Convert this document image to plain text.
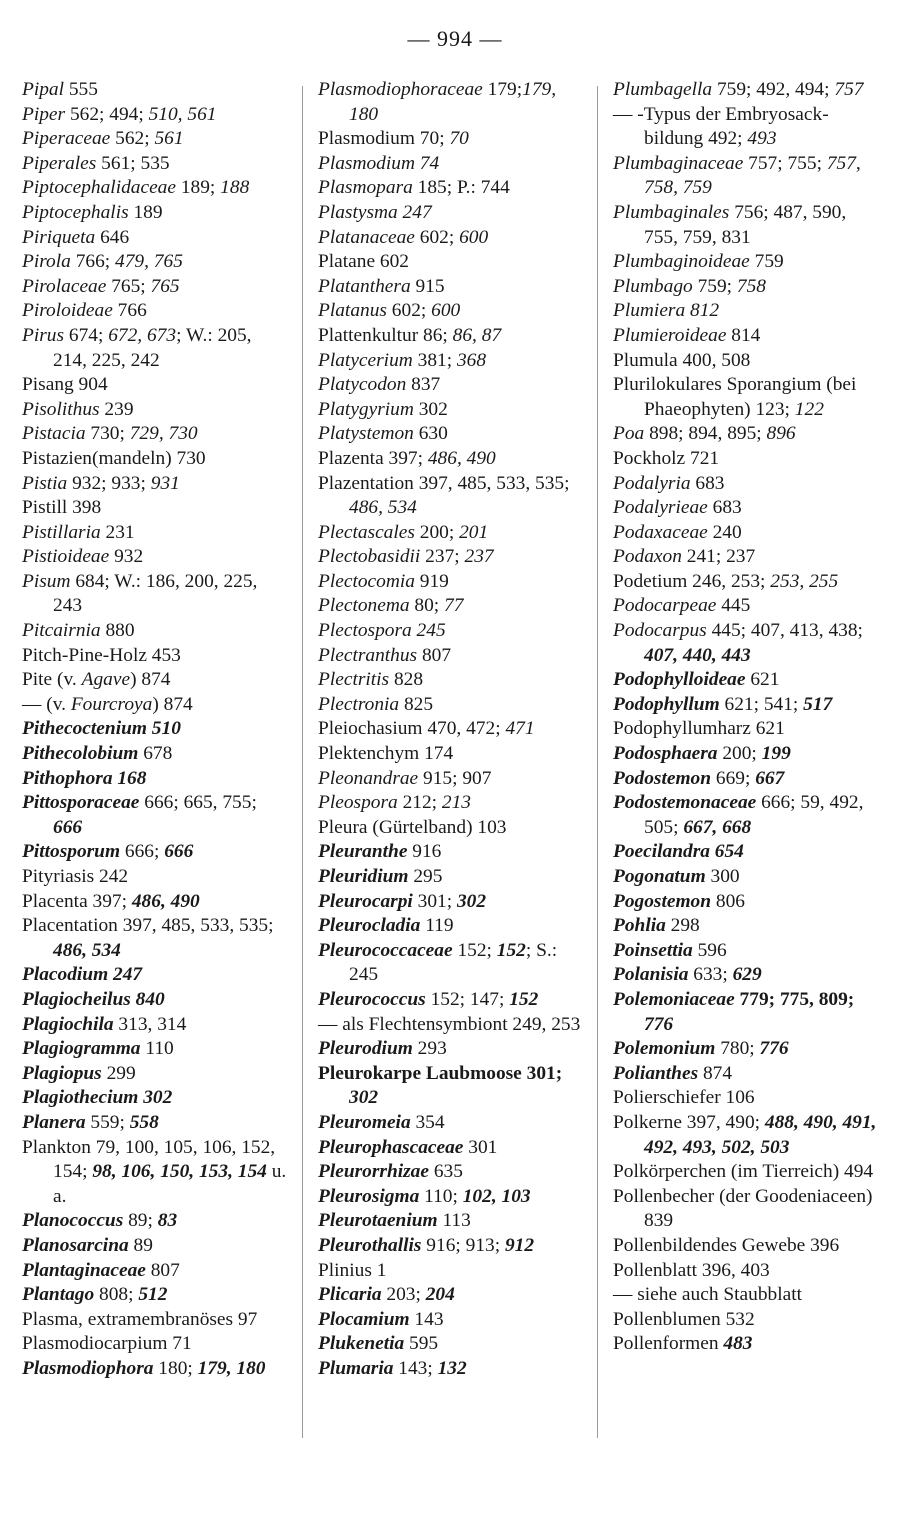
— 994 —
Pipal 555
Piper 562; 494; 510, 561
Piperaceae 562; 561
Piperales 561; 535
Piptocephalidaceae 189; 188
Piptocephalis 189
Piriqueta 646
Pirola 766; 479, 765
Pirolaceae 765; 765
Piroloideae 766
Pirus 674; 672, 673; W.: 205, 214, 225, 242
Pisang 904
Pisolithus 239
Pistacia 730; 729, 730
Pistazien(mandeln) 730
Pistia 932; 933; 931
Pistill 398
Pistillaria 231
Pistioideae 932
Pisum 684; W.: 186, 200, 225, 243
Pitcairnia 880
Pitch-Pine-Holz 453
Pite (v. Agave) 874
— (v. Fourcroya) 874
Pithecoctenium 510
Pithecolobium 678
Pithophora 168
Pittosporaceae 666; 665, 755; 666
Pittosporum 666; 666
Pityriasis 242
Placenta 397; 486, 490
Placentation 397, 485, 533, 535; 486, 534
Placodium 247
Plagiocheilus 840
Plagiochila 313, 314
Plagiogramma 110
Plagiopus 299
Plagiothecium 302
Planera 559; 558
Plankton 79, 100, 105, 106, 152, 154; 98, 106, 150, 153, 154 u. a.
Planococcus 89; 83
Planosarcina 89
Plantaginaceae 807
Plantago 808; 512
Plasma, extramembranöses 97
Plasmodiocarpium 71
Plasmodiophora 180; 179, 180
Plasmodiophoraceae 179;179, 180
Plasmodium 70; 70
Plasmodium 74
Plasmopara 185; P.: 744
Plastysma 247
Platanaceae 602; 600
Platane 602
Platanthera 915
Platanus 602; 600
Plattenkultur 86; 86, 87
Platycerium 381; 368
Platycodon 837
Platygyrium 302
Platystemon 630
Plazenta 397; 486, 490
Plazentation 397, 485, 533, 535; 486, 534
Plectascales 200; 201
Plectobasidii 237; 237
Plectocomia 919
Plectonema 80; 77
Plectospora 245
Plectranthus 807
Plectritis 828
Plectronia 825
Pleiochasium 470, 472; 471
Plektenchym 174
Pleonandrae 915; 907
Pleospora 212; 213
Pleura (Gürtelband) 103
Pleuranthe 916
Pleuridium 295
Pleurocarpi 301; 302
Pleurocladia 119
Pleurococcaceae 152; 152; S.: 245
Pleurococcus 152; 147; 152
— als Flechtensymbiont 249, 253
Pleurodium 293
Pleurokarpe Laubmoose 301; 302
Pleuromeia 354
Pleurophascaceae 301
Pleurorrhizae 635
Pleurosigma 110; 102, 103
Pleurotaenium 113
Pleurothallis 916; 913; 912
Plinius 1
Plicaria 203; 204
Plocamium 143
Plukenetia 595
Plumaria 143; 132
Plumbagella 759; 492, 494; 757
— -Typus der Embryosack-bildung 492; 493
Plumbaginaceae 757; 755; 757, 758, 759
Plumbaginales 756; 487, 590, 755, 759, 831
Plumbaginoideae 759
Plumbago 759; 758
Plumiera 812
Plumieroideae 814
Plumula 400, 508
Plurilokulares Sporangium (bei Phaeophyten) 123; 122
Poa 898; 894, 895; 896
Pockholz 721
Podalyria 683
Podalyrieae 683
Podaxaceae 240
Podaxon 241; 237
Podetium 246, 253; 253, 255
Podocarpeae 445
Podocarpus 445; 407, 413, 438; 407, 440, 443
Podophylloideae 621
Podophyllum 621; 541; 517
Podophyllumharz 621
Podosphaera 200; 199
Podostemon 669; 667
Podostemonaceae 666; 59, 492, 505; 667, 668
Poecilandra 654
Pogonatum 300
Pogostemon 806
Pohlia 298
Poinsettia 596
Polanisia 633; 629
Polemoniaceae 779; 775, 809; 776
Polemonium 780; 776
Polianthes 874
Polierschiefer 106
Polkerne 397, 490; 488, 490, 491, 492, 493, 502, 503
Polkörperchen (im Tierreich) 494
Pollenbecher (der Goodeniaceen) 839
Pollenbildendes Gewebe 396
Pollenblatt 396, 403
— siehe auch Staubblatt
Pollenblumen 532
Pollenformen 483
